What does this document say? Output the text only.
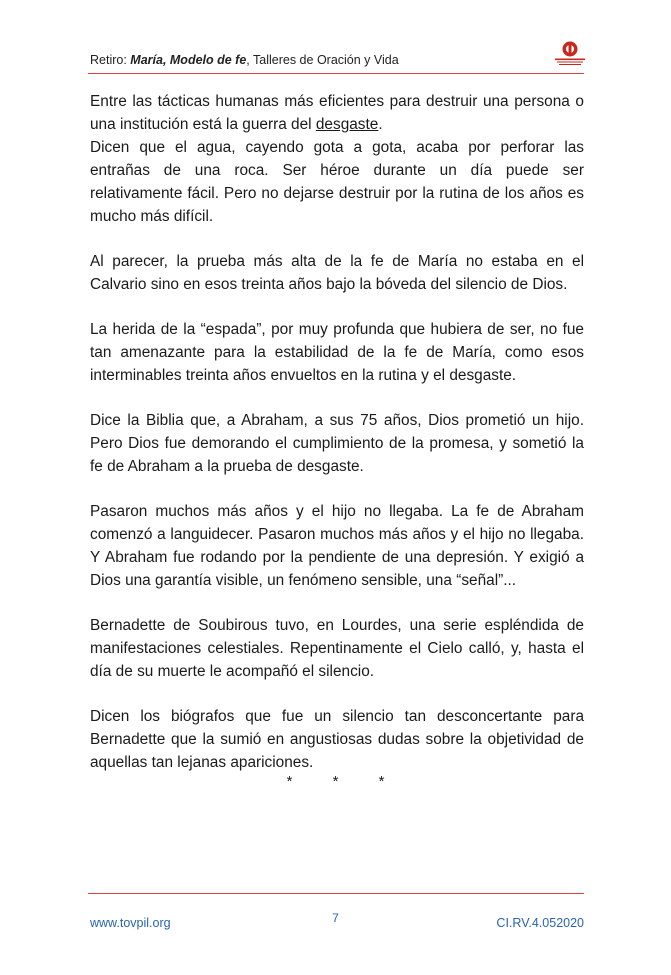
Retiro: María, Modelo de fe, Talleres de Oración y Vida

Entre las tácticas humanas más eficientes para destruir una persona o una institución está la guerra del desgaste.
Dicen que el agua, cayendo gota a gota, acaba por perforar las entrañas de una roca. Ser héroe durante un día puede ser relativamente fácil. Pero no dejarse destruir por la rutina de los años es mucho más difícil.

Al parecer, la prueba más alta de la fe de María no estaba en el Calvario sino en esos treinta años bajo la bóveda del silencio de Dios.

La herida de la “espada”, por muy profunda que hubiera de ser, no fue tan amenazante para la estabilidad de la fe de María, como esos interminables treinta años envueltos en la rutina y el desgaste.

Dice la Biblia que, a Abraham, a sus 75 años, Dios prometió un hijo. Pero Dios fue demorando el cumplimiento de la promesa, y sometió la fe de Abraham a la prueba de desgaste.

Pasaron muchos más años y el hijo no llegaba. La fe de Abraham comenzó a languidecer. Pasaron muchos más años y el hijo no llegaba. Y Abraham fue rodando por la pendiente de una depresión. Y exigió a Dios una garantía visible, un fenómeno sensible, una “señal”...

Bernadette de Soubirous tuvo, en Lourdes, una serie espléndida de manifestaciones celestiales. Repentinamente el Cielo calló, y, hasta el día de su muerte le acompañó el silencio.

Dicen los biógrafos que fue un silencio tan desconcertante para Bernadette que la sumió en angustiosas dudas sobre la objetividad de aquellas tan lejanas apariciones.

*	*	*
www.tovpil.org	7	CI.RV.4.052020
